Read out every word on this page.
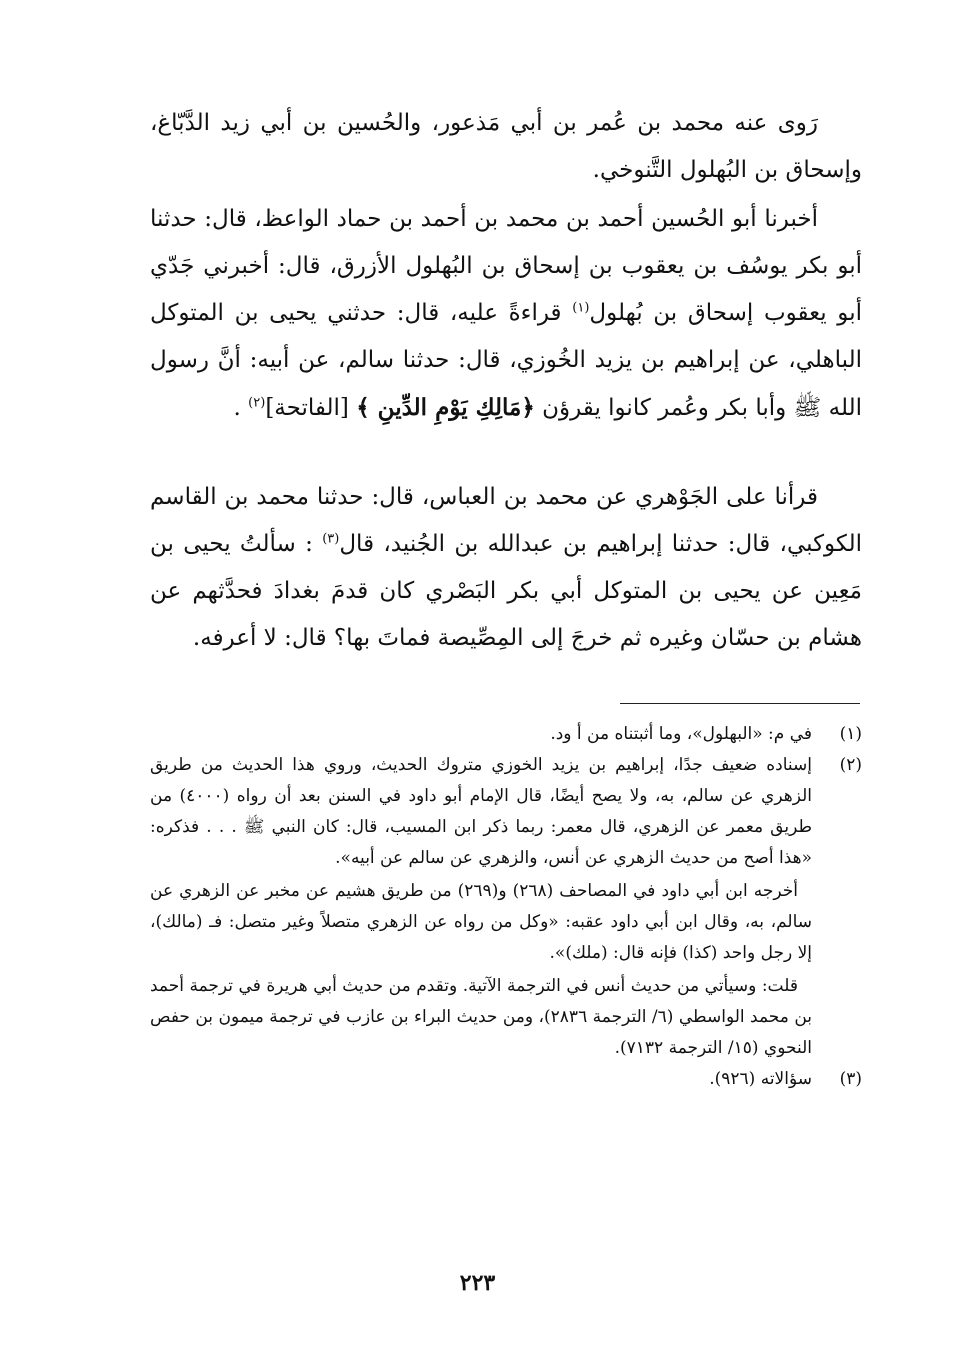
رَوى عنه محمد بن عُمر بن أبي مَذعور، والحُسين بن أبي زيد الدَّبّاغ، وإسحاق بن البُهلول التَّنوخي.

أخبرنا أبو الحُسين أحمد بن محمد بن أحمد بن حماد الواعظ، قال: حدثنا أبو بكر يوسُف بن يعقوب بن إسحاق بن البُهلول الأزرق، قال: أخبرني جَدّي أبو يعقوب إسحاق بن بُهلول$^{(١)}$ قراءةً عليه، قال: حدثني يحيى بن المتوكل الباهلي، عن إبراهيم بن يزيد الخُوزي، قال: حدثنا سالم، عن أبيه: أنَّ رسول الله ﷺ وأبا بكر وعُمر كانوا يقرؤن ﴿مَالِكِ يَوْمِ الدِّينِ ﴾ [الفاتحة]$^{(٢)}$ .

قرأنا على الجَوْهري عن محمد بن العباس، قال: حدثنا محمد بن القاسم الكوكبي، قال: حدثنا إبراهيم بن عبدالله بن الجُنيد، قال$^{(٣)}$ : سألتُ يحيى بن مَعِين عن يحيى بن المتوكل أبي بكر البَصْري كان قدمَ بغدادَ فحدَّثهم عن هشام بن حسّان وغيره ثم خرجَ إلى المِصِّيصة فماتَ بها؟ قال: لا أعرفه.

(١)

في م: «البهلول»، وما أثبتناه من أ ود.

(٢)

إسناده ضعيف جدًا، إبراهيم بن يزيد الخوزي متروك الحديث، وروي هذا الحديث من طريق الزهري عن سالم، به، ولا يصح أيضًا، قال الإمام أبو داود في السنن بعد أن رواه (٤٠٠٠) من طريق معمر عن الزهري، قال معمر: ربما ذكر ابن المسيب، قال: كان النبي ﷺ . . . فذكره: «هذا أصح من حديث الزهري عن أنس، والزهري عن سالم عن أبيه».

أخرجه ابن أبي داود في المصاحف (٢٦٨) و(٢٦٩) من طريق هشيم عن مخبر عن الزهري عن سالم، به، وقال ابن أبي داود عقبه: «وكل من رواه عن الزهري متصلاً وغير متصل: فـ (مالك)، إلا رجل واحد (كذا) فإنه قال: (ملك)».

قلت: وسيأتي من حديث أنس في الترجمة الآتية. وتقدم من حديث أبي هريرة في ترجمة أحمد بن محمد الواسطي (٦/ الترجمة ٢٨٣٦)، ومن حديث البراء بن عازب في ترجمة ميمون بن حفص النحوي (١٥/ الترجمة ٧١٣٢).

(٣)

سؤالاته (٩٢٦).

٢٢٣
